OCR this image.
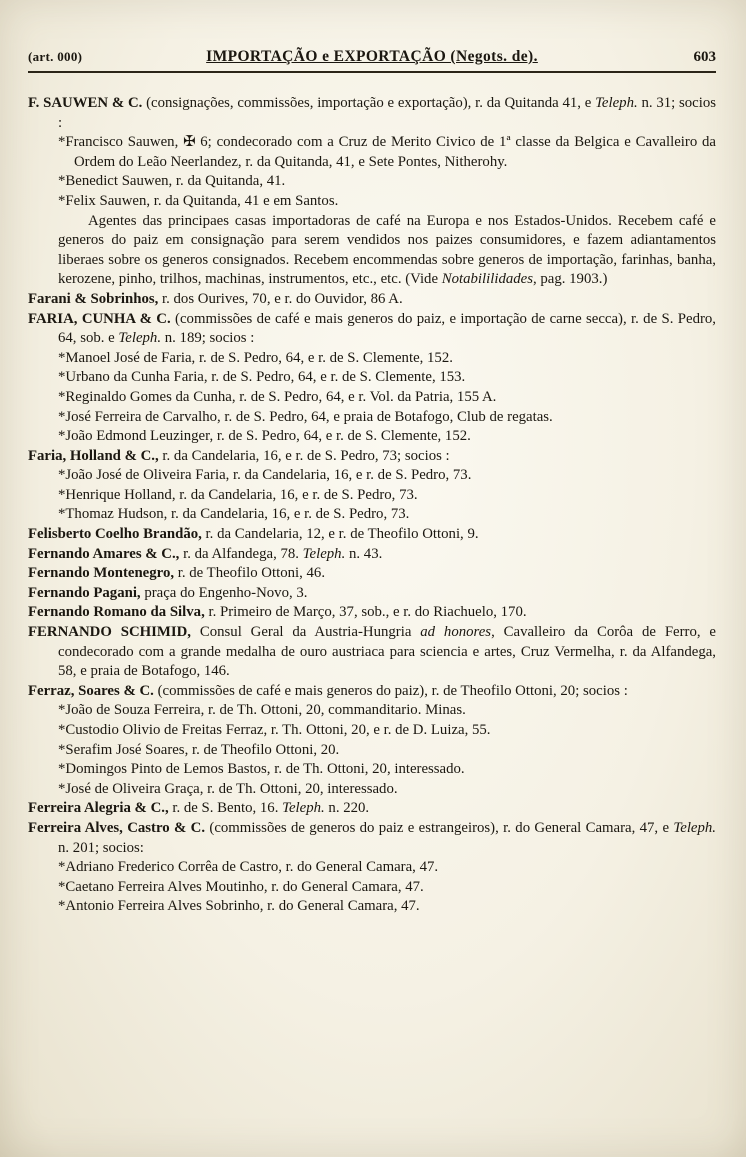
(art. 000)	IMPORTAÇÃO e EXPORTAÇÃO (Negots. de).	603

F. SAUWEN & C. (consignações, commissões, importação e exportação), r. da Quitanda 41, e Teleph. n. 31; socios :

*Francisco Sauwen, ✠ 6; condecorado com a Cruz de Merito Civico de 1ª classe da Belgica e Cavalleiro da Ordem do Leão Neerlandez, r. da Quitanda, 41, e Sete Pontes, Nitherohy.

*Benedict Sauwen, r. da Quitanda, 41.

*Felix Sauwen, r. da Quitanda, 41 e em Santos.

Agentes das principaes casas importadoras de café na Europa e nos Estados-Unidos. Recebem café e generos do paiz em consignação para serem vendidos nos paizes consumidores, e fazem adiantamentos liberaes sobre os generos consignados. Recebem encommendas sobre generos de importação, farinhas, banha, kerozene, pinho, trilhos, machinas, instrumentos, etc., etc. (Vide Notabililidades, pag. 1903.)

Farani & Sobrinhos, r. dos Ourives, 70, e r. do Ouvidor, 86 A.

FARIA, CUNHA & C. (commissões de café e mais generos do paiz, e importação de carne secca), r. de S. Pedro, 64, sob. e Teleph. n. 189; socios :

*Manoel José de Faria, r. de S. Pedro, 64, e r. de S. Clemente, 152.

*Urbano da Cunha Faria, r. de S. Pedro, 64, e r. de S. Clemente, 153.

*Reginaldo Gomes da Cunha, r. de S. Pedro, 64, e r. Vol. da Patria, 155 A.

*José Ferreira de Carvalho, r. de S. Pedro, 64, e praia de Botafogo, Club de regatas.

*João Edmond Leuzinger, r. de S. Pedro, 64, e r. de S. Clemente, 152.

Faria, Holland & C., r. da Candelaria, 16, e r. de S. Pedro, 73; socios :

*João José de Oliveira Faria, r. da Candelaria, 16, e r. de S. Pedro, 73.

*Henrique Holland, r. da Candelaria, 16, e r. de S. Pedro, 73.

*Thomaz Hudson, r. da Candelaria, 16, e r. de S. Pedro, 73.

Felisberto Coelho Brandão, r. da Candelaria, 12, e r. de Theofilo Ottoni, 9.

Fernando Amares & C., r. da Alfandega, 78. Teleph. n. 43.

Fernando Montenegro, r. de Theofilo Ottoni, 46.

Fernando Pagani, praça do Engenho-Novo, 3.

Fernando Romano da Silva, r. Primeiro de Março, 37, sob., e r. do Riachuelo, 170.

FERNANDO SCHIMID, Consul Geral da Austria-Hungria ad honores, Cavalleiro da Corôa de Ferro, e condecorado com a grande medalha de ouro austriaca para sciencia e artes, Cruz Vermelha, r. da Alfandega, 58, e praia de Botafogo, 146.

Ferraz, Soares & C. (commissões de café e mais generos do paiz), r. de Theofilo Ottoni, 20; socios :

*João de Souza Ferreira, r. de Th. Ottoni, 20, commanditario. Minas.

*Custodio Olivio de Freitas Ferraz, r. Th. Ottoni, 20, e r. de D. Luiza, 55.

*Serafim José Soares, r. de Theofilo Ottoni, 20.

*Domingos Pinto de Lemos Bastos, r. de Th. Ottoni, 20, interessado.

*José de Oliveira Graça, r. de Th. Ottoni, 20, interessado.

Ferreira Alegria & C., r. de S. Bento, 16. Teleph. n. 220.

Ferreira Alves, Castro & C. (commissões de generos do paiz e estrangeiros), r. do General Camara, 47, e Teleph. n. 201; socios:

*Adriano Frederico Corrêa de Castro, r. do General Camara, 47.

*Caetano Ferreira Alves Moutinho, r. do General Camara, 47.

*Antonio Ferreira Alves Sobrinho, r. do General Camara, 47.
